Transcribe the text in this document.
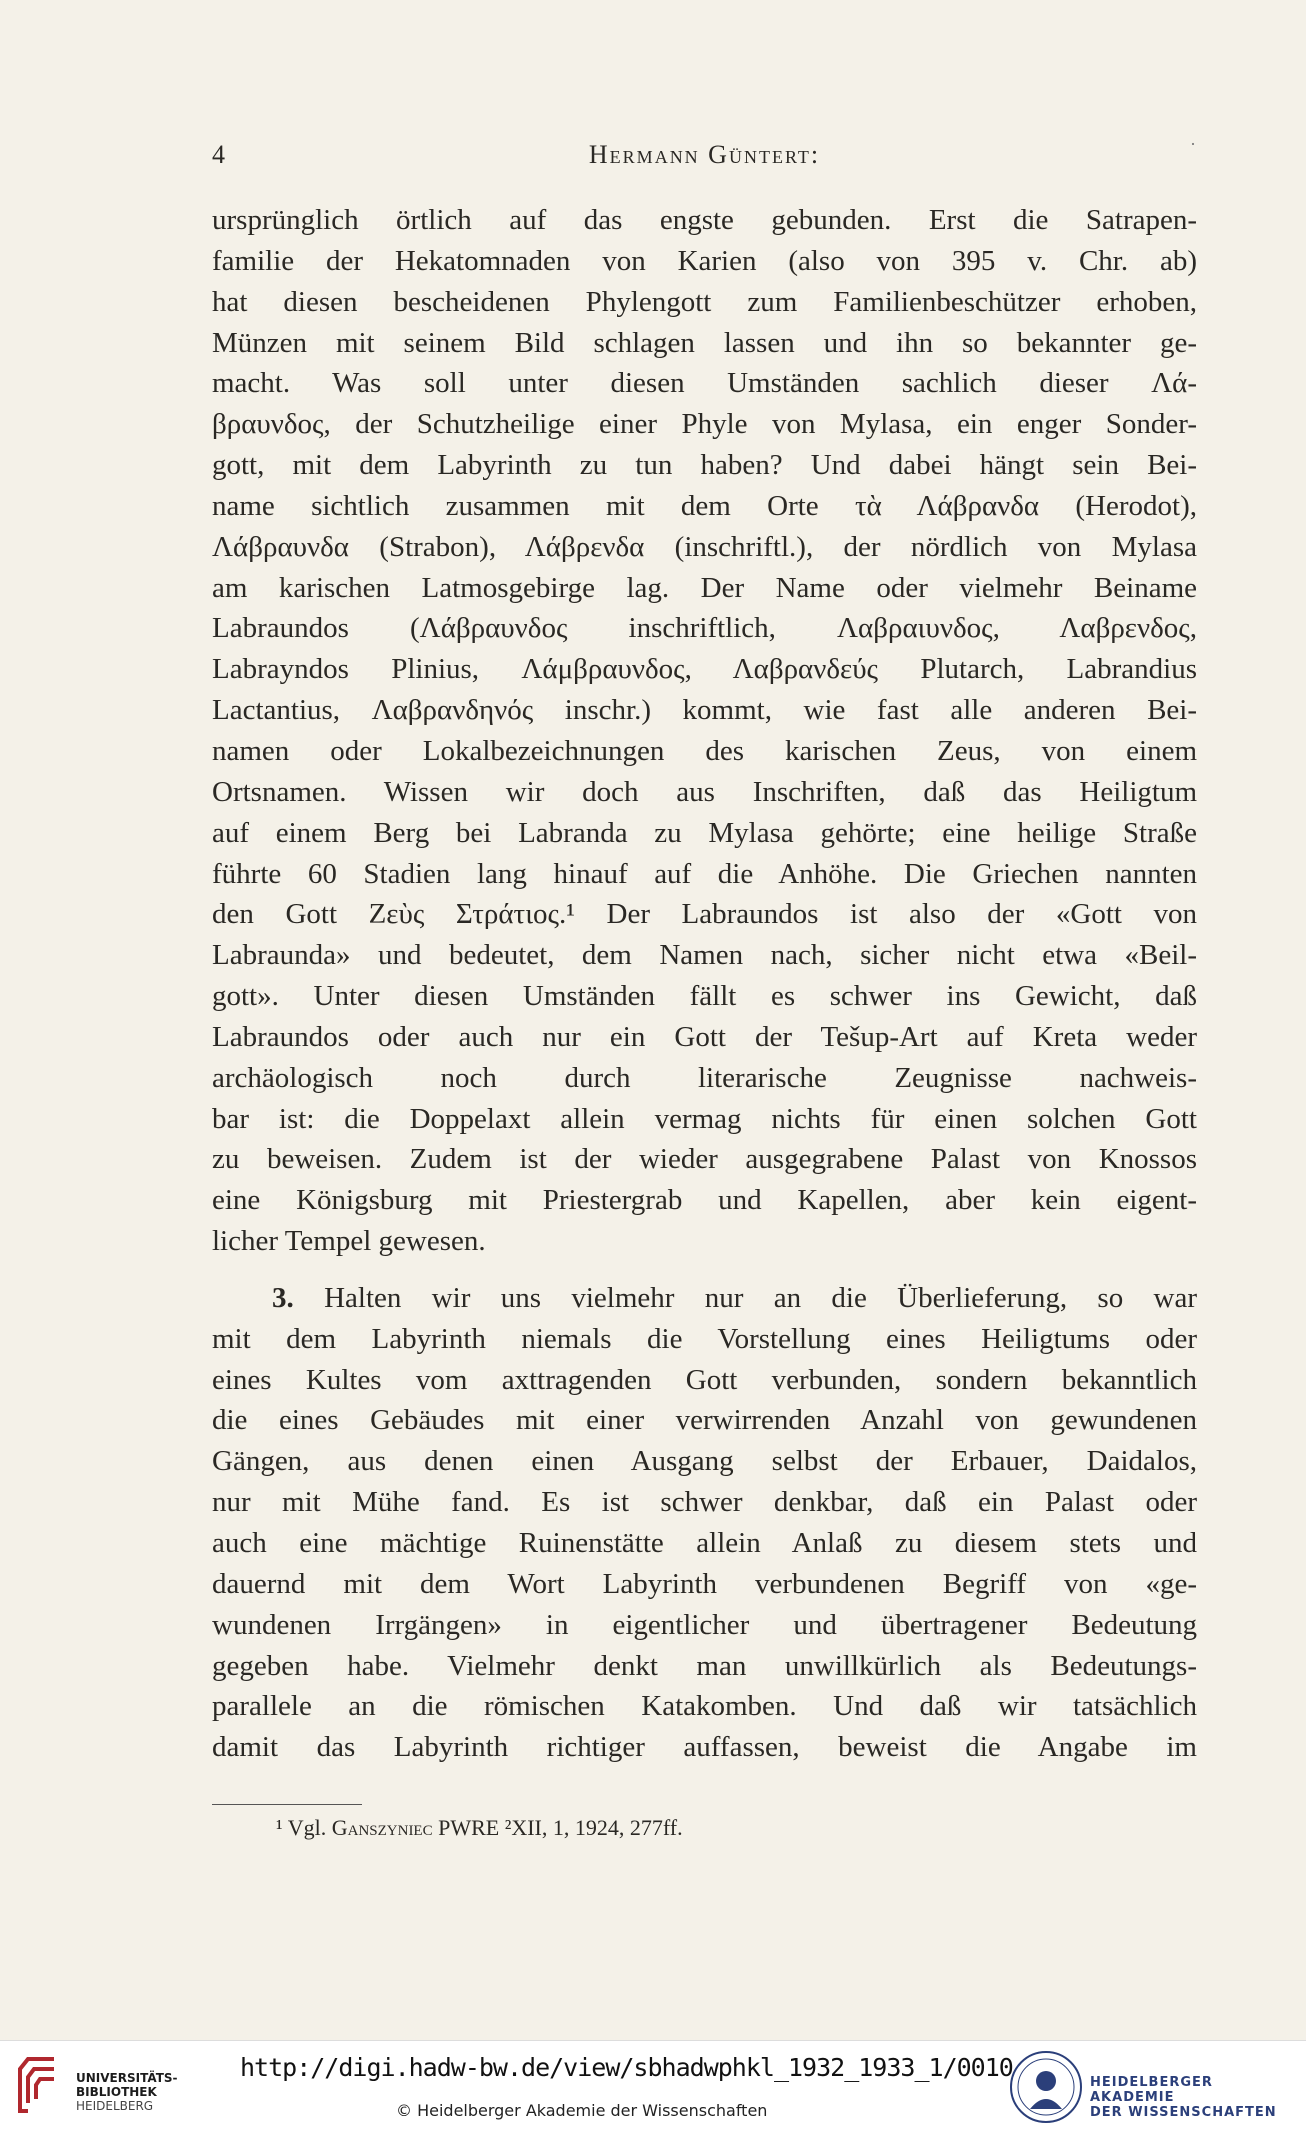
4	Hermann Güntert:	·
ursprünglich örtlich auf das engste gebunden. Erst die Satrapen-
familie der Hekatomnaden von Karien (also von 395 v. Chr. ab)
hat diesen bescheidenen Phylengott zum Familienbeschützer erhoben,
Münzen mit seinem Bild schlagen lassen und ihn so bekannter ge-
macht. Was soll unter diesen Umständen sachlich dieser Λά-
βραυνδος, der Schutzheilige einer Phyle von Mylasa, ein enger Sonder-
gott, mit dem Labyrinth zu tun haben? Und dabei hängt sein Bei-
name sichtlich zusammen mit dem Orte τὰ Λάβρανδα (Herodot),
Λάβραυνδα (Strabon), Λάβρενδα (inschriftl.), der nördlich von Mylasa
am karischen Latmosgebirge lag. Der Name oder vielmehr Beiname
Labraundos (Λάβραυνδος inschriftlich, Λαβραιυνδος, Λαβρενδος,
Labrayndos Plinius, Λάμβραυνδος, Λαβρανδεύς Plutarch, Labrandius
Lactantius, Λαβρανδηνός inschr.) kommt, wie fast alle anderen Bei-
namen oder Lokalbezeichnungen des karischen Zeus, von einem
Ortsnamen. Wissen wir doch aus Inschriften, daß das Heiligtum
auf einem Berg bei Labranda zu Mylasa gehörte; eine heilige Straße
führte 60 Stadien lang hinauf auf die Anhöhe. Die Griechen nannten
den Gott Ζεὺς Στράτιος.¹ Der Labraundos ist also der «Gott von
Labraunda» und bedeutet, dem Namen nach, sicher nicht etwa «Beil-
gott». Unter diesen Umständen fällt es schwer ins Gewicht, daß
Labraundos oder auch nur ein Gott der Tešup-Art auf Kreta weder
archäologisch noch durch literarische Zeugnisse nachweis-
bar ist: die Doppelaxt allein vermag nichts für einen solchen Gott
zu beweisen. Zudem ist der wieder ausgegrabene Palast von Knossos
eine Königsburg mit Priestergrab und Kapellen, aber kein eigent-
licher Tempel gewesen.
3. Halten wir uns vielmehr nur an die Überlieferung, so war
mit dem Labyrinth niemals die Vorstellung eines Heiligtums oder
eines Kultes vom axttragenden Gott verbunden, sondern bekanntlich
die eines Gebäudes mit einer verwirrenden Anzahl von gewundenen
Gängen, aus denen einen Ausgang selbst der Erbauer, Daidalos,
nur mit Mühe fand. Es ist schwer denkbar, daß ein Palast oder
auch eine mächtige Ruinenstätte allein Anlaß zu diesem stets und
dauernd mit dem Wort Labyrinth verbundenen Begriff von «ge-
wundenen Irrgängen» in eigentlicher und übertragener Bedeutung
gegeben habe. Vielmehr denkt man unwillkürlich als Bedeutungs-
parallele an die römischen Katakomben. Und daß wir tatsächlich
damit das Labyrinth richtiger auffassen, beweist die Angabe im
¹ Vgl. Ganszyniec PWRE ²XII, 1, 1924, 277ff.
UNIVERSITÄTS-
BIBLIOTHEK
HEIDELBERG
http://digi.hadw-bw.de/view/sbhadwphkl_1932_1933_1/0010
© Heidelberger Akademie der Wissenschaften
HEIDELBERGER AKADEMIE
DER WISSENSCHAFTEN
